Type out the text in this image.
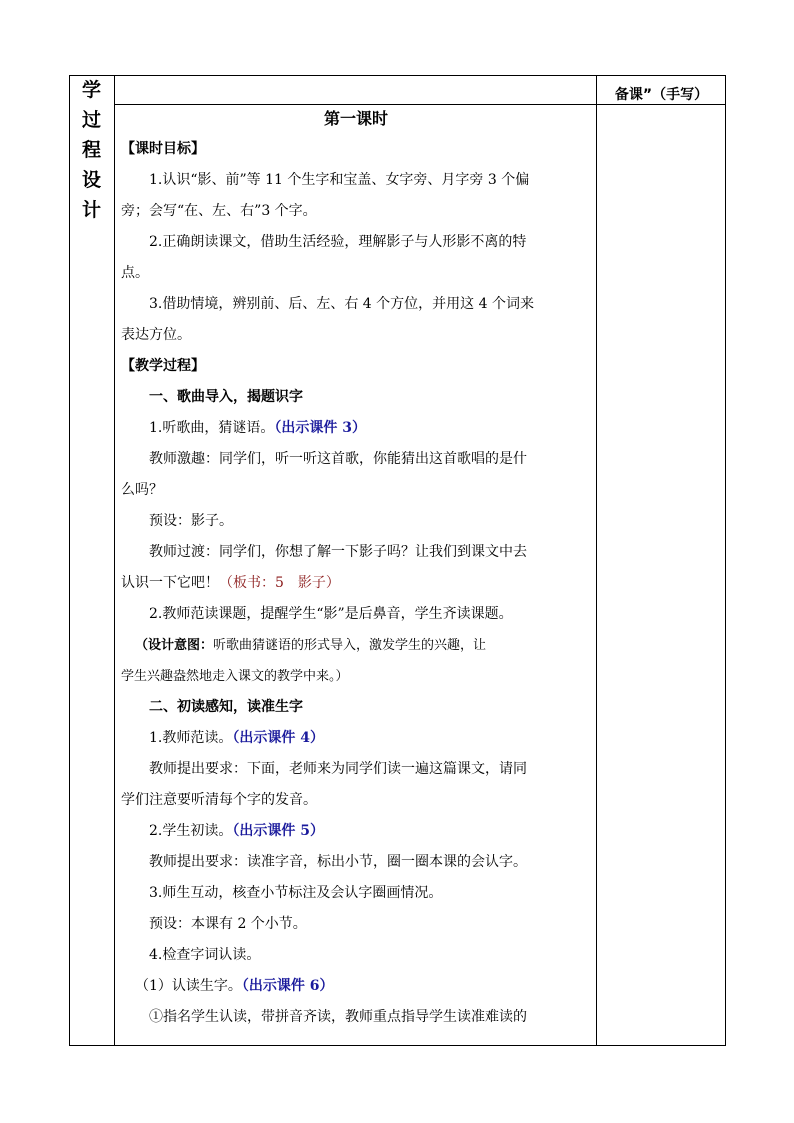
学
过
程
设
计
备课”（手写）
第一课时
【课时目标】
1.认识“影、前”等 11 个生字和宝盖、女字旁、月字旁 3 个偏
旁；会写“在、左、右”3 个字。
2.正确朗读课文，借助生活经验，理解影子与人形影不离的特
点。
3.借助情境，辨别前、后、左、右 4 个方位，并用这 4 个词来
表达方位。
【教学过程】
一、歌曲导入，揭题识字
1.听歌曲，猜谜语。（出示课件 3）
教师激趣：同学们，听一听这首歌，你能猜出这首歌唱的是什
么吗？
预设：影子。
教师过渡：同学们，你想了解一下影子吗？让我们到课文中去
认识一下它吧！（板书：5　影子）
2.教师范读课题，提醒学生“影”是后鼻音，学生齐读课题。
（设计意图：听歌曲猜谜语的形式导入，激发学生的兴趣，让
学生兴趣盎然地走入课文的教学中来。）
二、初读感知，读准生字
1.教师范读。（出示课件 4）
教师提出要求：下面，老师来为同学们读一遍这篇课文，请同
学们注意要听清每个字的发音。
2.学生初读。（出示课件 5）
教师提出要求：读准字音，标出小节，圈一圈本课的会认字。
3.师生互动，核查小节标注及会认字圈画情况。
预设：本课有 2 个小节。
4.检查字词认读。
（1）认读生字。（出示课件 6）
①指名学生认读，带拼音齐读，教师重点指导学生读准难读的
